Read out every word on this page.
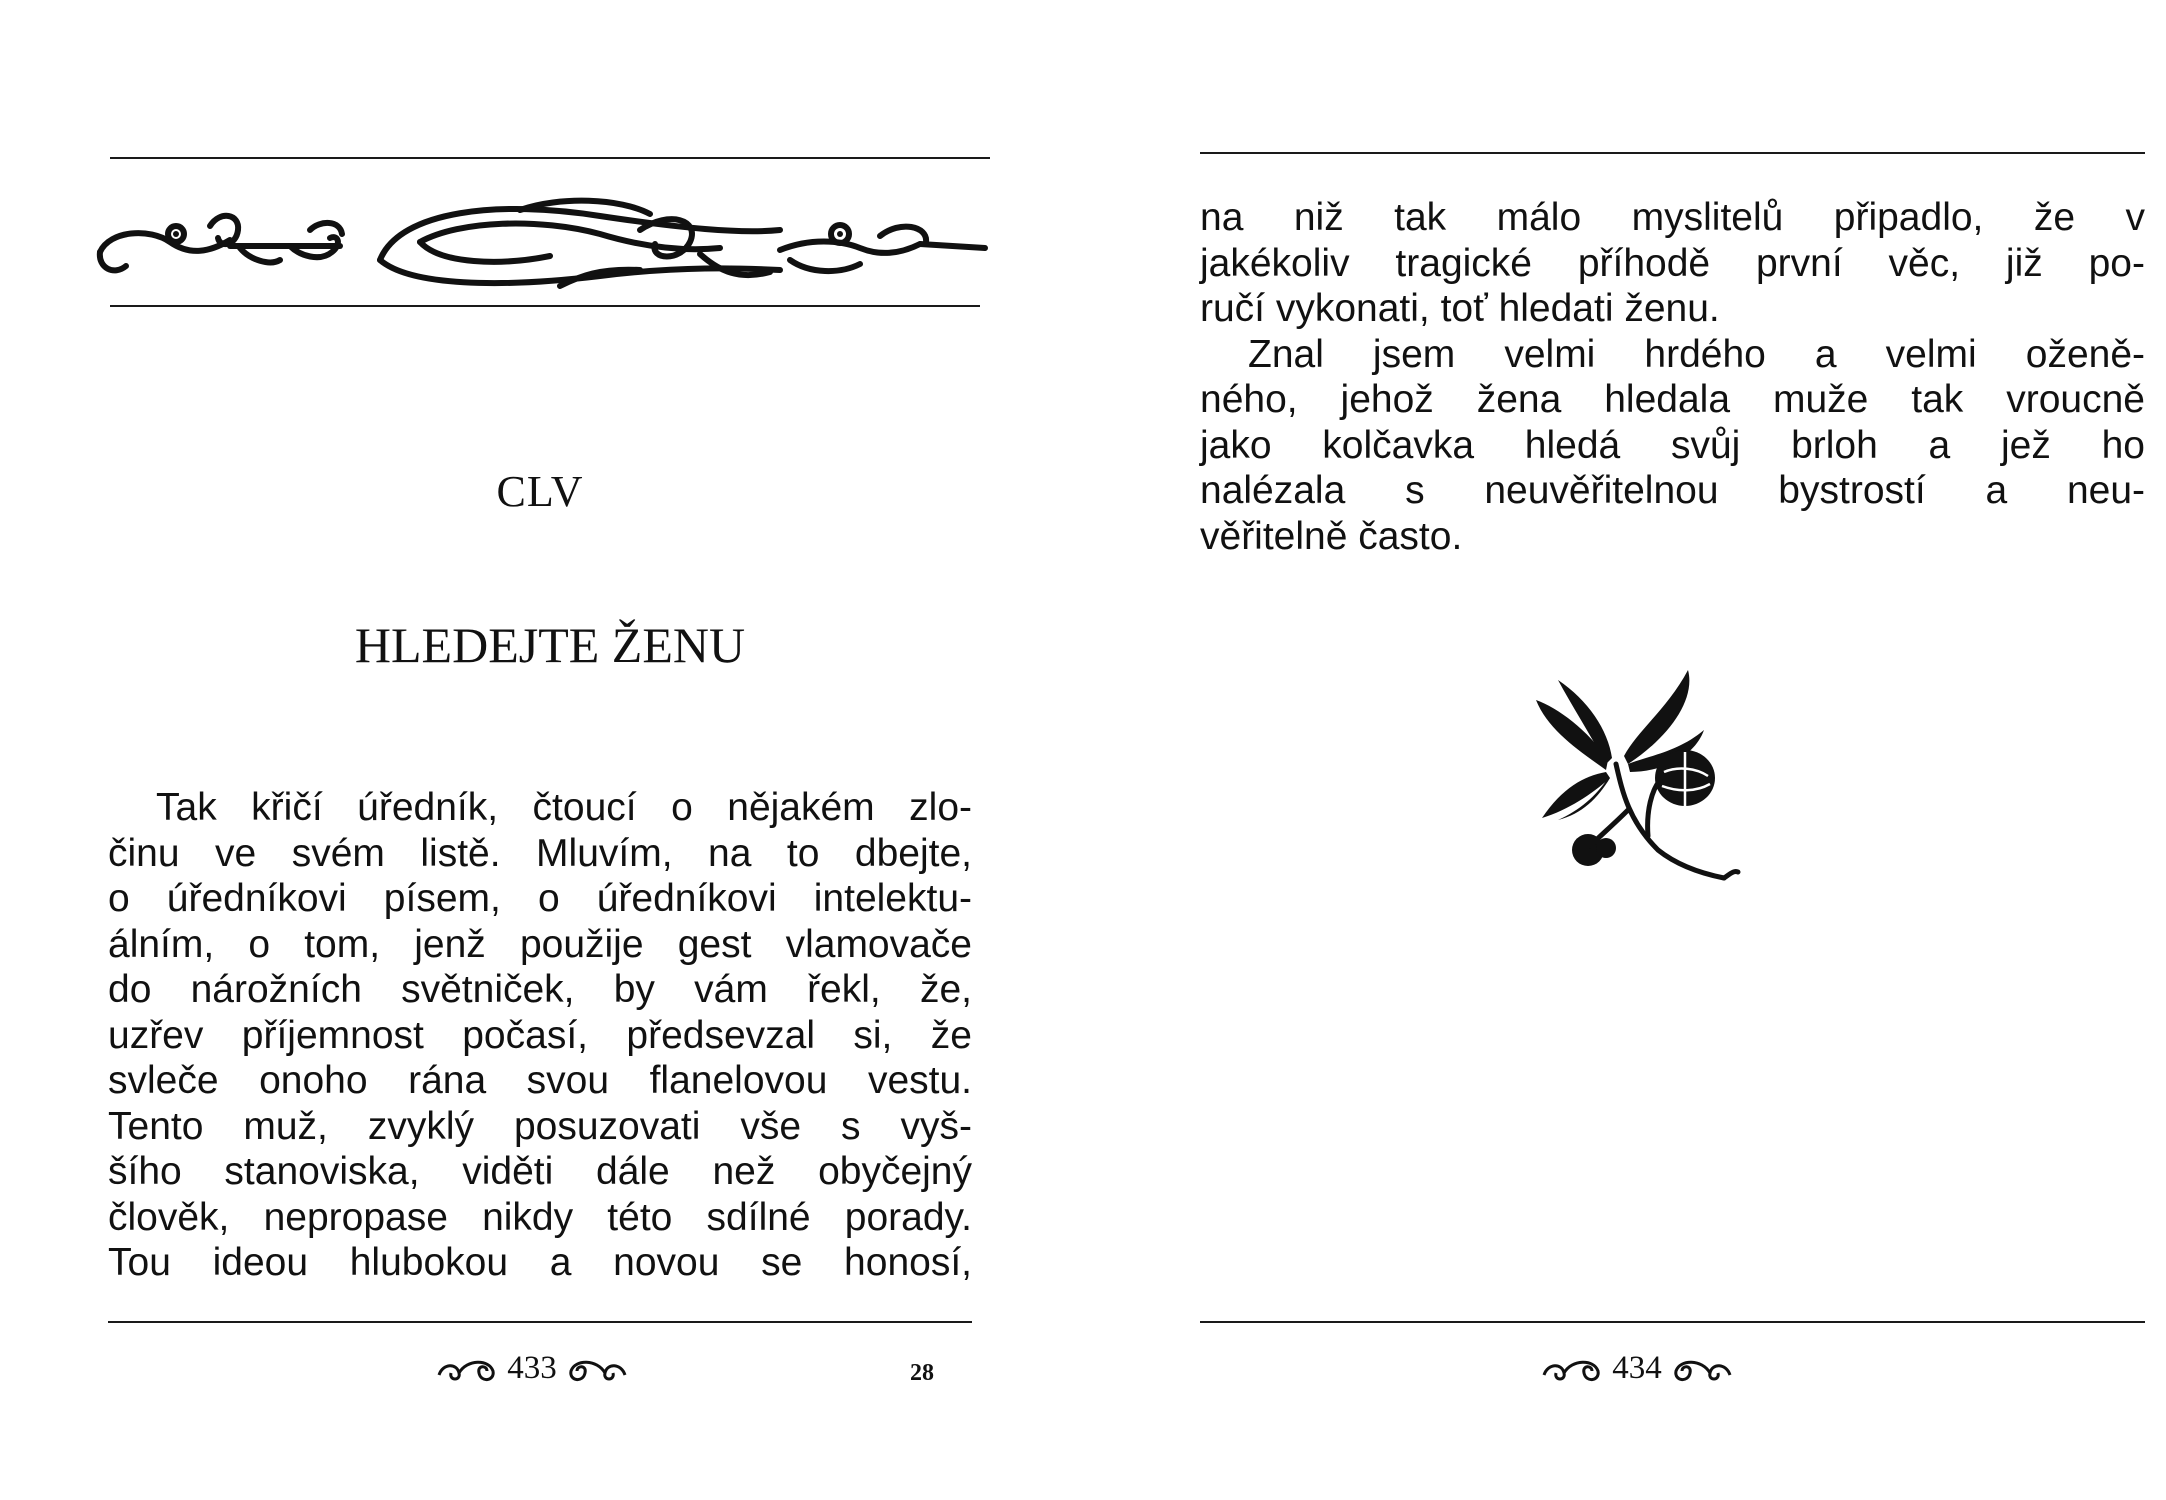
CLV
HLEDEJTE ŽENU
Tak křičí úředník, čtoucí o nějakém zlo-
činu ve svém listě. Mluvím, na to dbejte,
o úředníkovi písem, o úředníkovi intelektu-
álním, o tom, jenž použije gest vlamovače
do nárožních světniček, by vám řekl, že,
uzřev příjemnost počasí, předsevzal si, že
svleče onoho rána svou flanelovou vestu.
Tento muž, zvyklý posuzovati vše s vyš-
šího stanoviska, viděti dále než obyčejný
člověk, nepropase nikdy této sdílné porady.
Tou ideou hlubokou a novou se honosí,
433	28
na niž tak málo myslitelů připadlo, že v
jakékoliv tragické příhodě první věc, již po-
ručí vykonati, toť hledati ženu.
Znal jsem velmi hrdého a velmi oženě-
ného, jehož žena hledala muže tak vroucně
jako kolčavka hledá svůj brloh a jež ho
nalézala s neuvěřitelnou bystrostí a neu-
věřitelně často.
434
